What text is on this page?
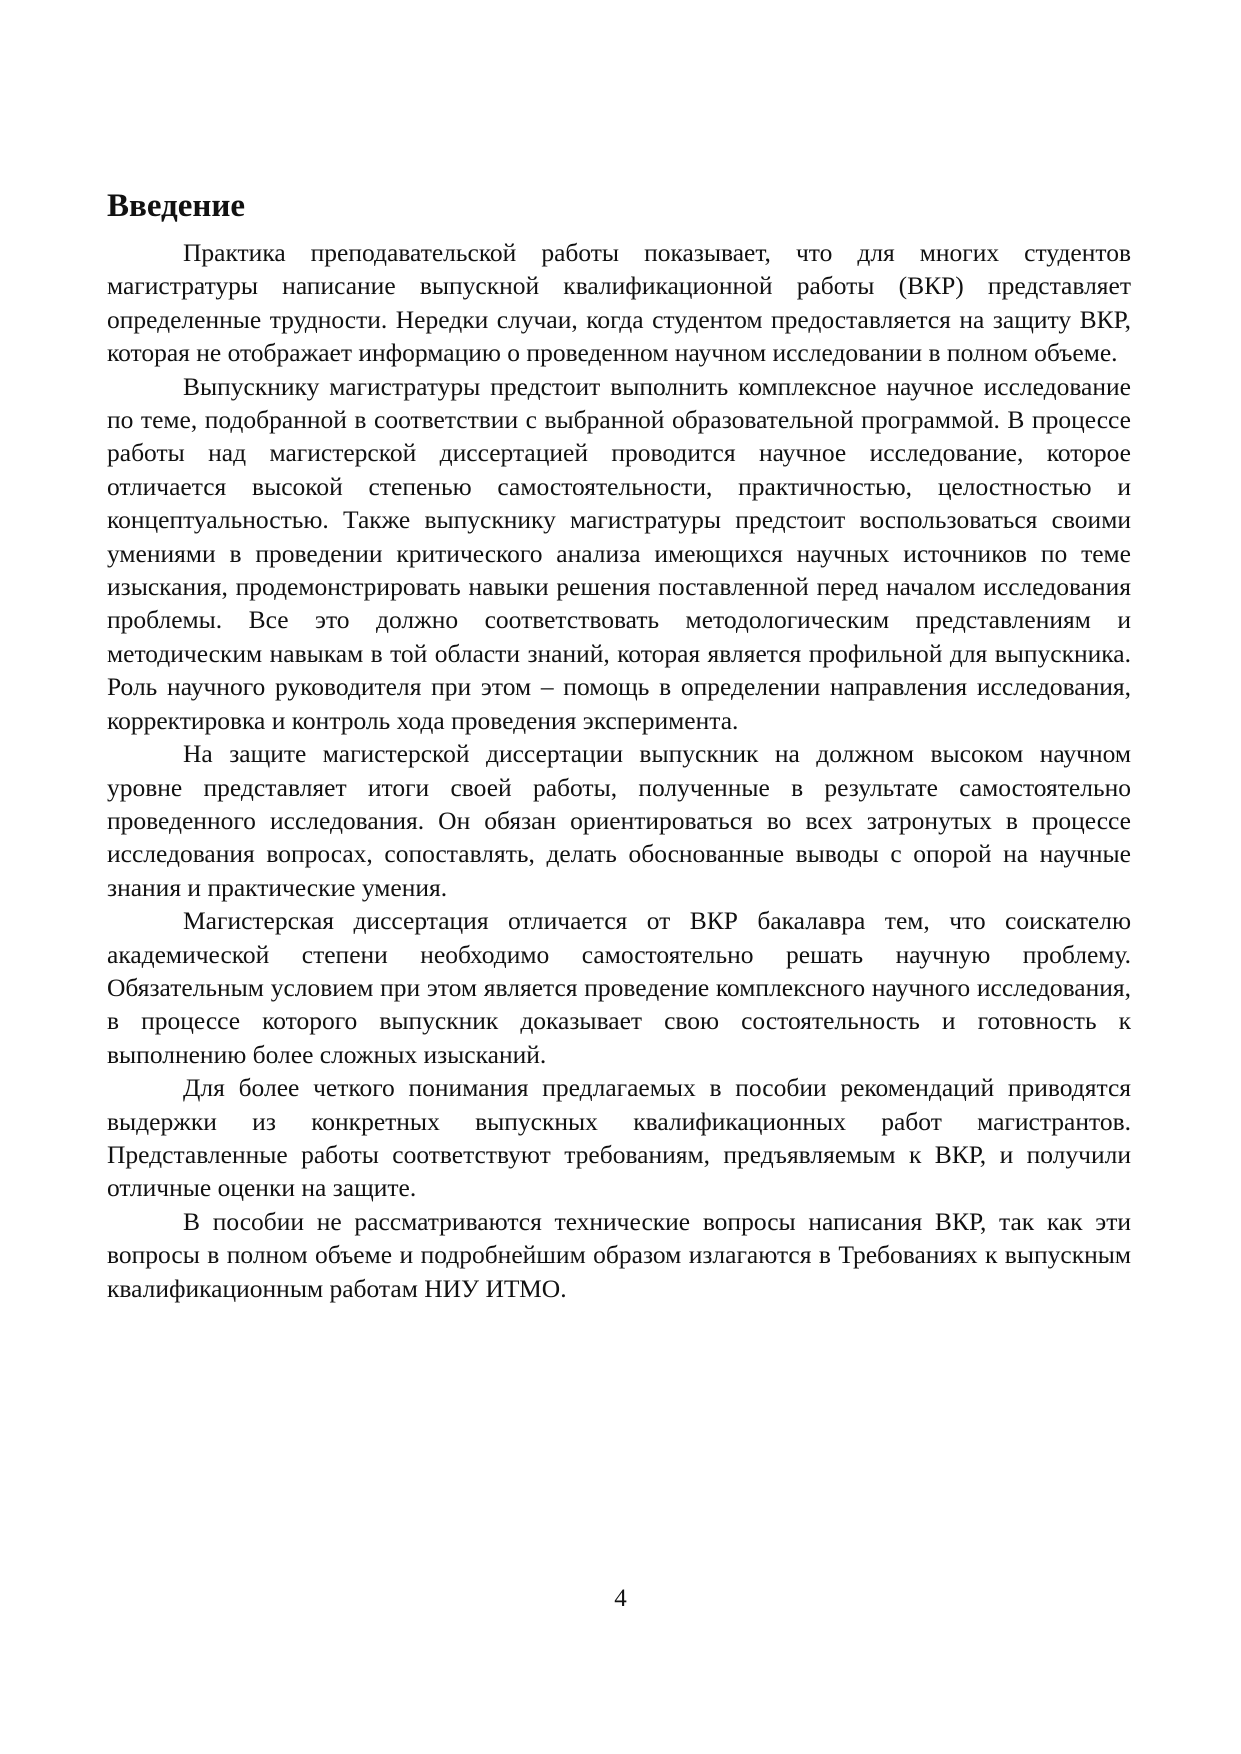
Введение

Практика преподавательской работы показывает, что для многих студентов магистратуры написание выпускной квалификационной работы (ВКР) представляет определенные трудности. Нередки случаи, когда студентом предоставляется на защиту ВКР, которая не отображает информацию о проведенном научном исследовании в полном объеме.

Выпускнику магистратуры предстоит выполнить комплексное научное исследование по теме, подобранной в соответствии с выбранной образовательной программой. В процессе работы над магистерской диссертацией проводится научное исследование, которое отличается высокой степенью самостоятельности, практичностью, целостностью и концептуальностью. Также выпускнику магистратуры предстоит воспользоваться своими умениями в проведении критического анализа имеющихся научных источников по теме изыскания, продемонстрировать навыки решения поставленной перед началом исследования проблемы. Все это должно соответствовать методологическим представлениям и методическим навыкам в той области знаний, которая является профильной для выпускника. Роль научного руководителя при этом – помощь в определении направления исследования, корректировка и контроль хода проведения эксперимента.

На защите магистерской диссертации выпускник на должном высоком научном уровне представляет итоги своей работы, полученные в результате самостоятельно проведенного исследования. Он обязан ориентироваться во всех затронутых в процессе исследования вопросах, сопоставлять, делать обоснованные выводы с опорой на научные знания и практические умения.

Магистерская диссертация отличается от ВКР бакалавра тем, что соискателю академической степени необходимо самостоятельно решать научную проблему. Обязательным условием при этом является проведение комплексного научного исследования, в процессе которого выпускник доказывает свою состоятельность и готовность к выполнению более сложных изысканий.

Для более четкого понимания предлагаемых в пособии рекомендаций приводятся выдержки из конкретных выпускных квалификационных работ магистрантов. Представленные работы соответствуют требованиям, предъявляемым к ВКР, и получили отличные оценки на защите.

В пособии не рассматриваются технические вопросы написания ВКР, так как эти вопросы в полном объеме и подробнейшим образом излагаются в Требованиях к выпускным квалификационным работам НИУ ИТМО.

4
